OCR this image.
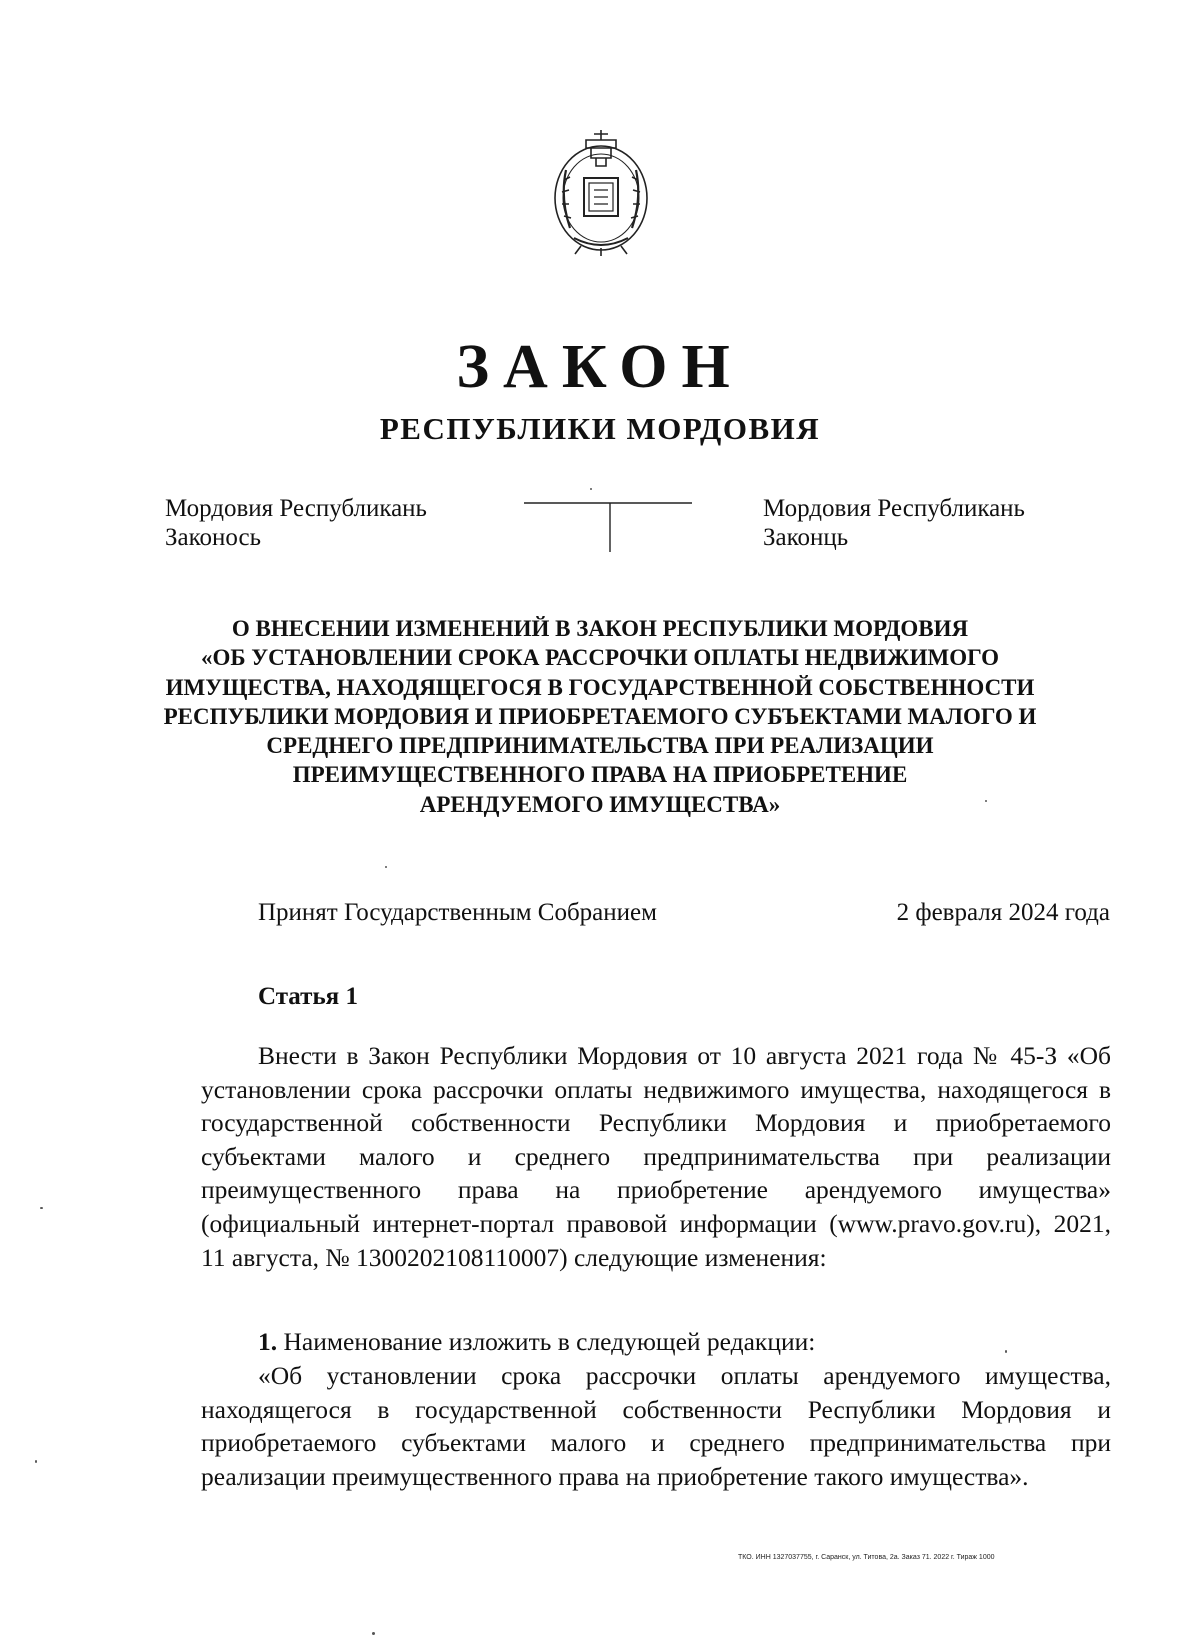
ЗАКОН
РЕСПУБЛИКИ МОРДОВИЯ
Мордовия Республикань
Законось
Мордовия Республикань
Законць
О ВНЕСЕНИИ ИЗМЕНЕНИЙ В ЗАКОН РЕСПУБЛИКИ МОРДОВИЯ
«ОБ УСТАНОВЛЕНИИ СРОКА РАССРОЧКИ ОПЛАТЫ НЕДВИЖИМОГО
ИМУЩЕСТВА, НАХОДЯЩЕГОСЯ В ГОСУДАРСТВЕННОЙ СОБСТВЕННОСТИ
РЕСПУБЛИКИ МОРДОВИЯ И ПРИОБРЕТАЕМОГО СУБЪЕКТАМИ МАЛОГО И
СРЕДНЕГО ПРЕДПРИНИМАТЕЛЬСТВА ПРИ РЕАЛИЗАЦИИ
ПРЕИМУЩЕСТВЕННОГО ПРАВА НА ПРИОБРЕТЕНИЕ
АРЕНДУЕМОГО ИМУЩЕСТВА»
Принят Государственным Собранием	2 февраля 2024 года
Статья 1

Внести в Закон Республики Мордовия от 10 августа 2021 года № 45-З «Об установлении срока рассрочки оплаты недвижимого имущества, находящегося в государственной собственности Республики Мордовия и приобретаемого субъектами малого и среднего предпринимательства при реализации преимущественного права на приобретение арендуемого имущества» (официальный интернет-портал правовой информации (www.pravo.gov.ru), 2021, 11 августа, № 1300202108110007) следующие изменения:

1. Наименование изложить в следующей редакции:

«Об установлении срока рассрочки оплаты арендуемого имущества, находящегося в государственной собственности Республики Мордовия и приобретаемого субъектами малого и среднего предпринимательства при реализации преимущественного права на приобретение такого имущества».

ТКО. ИНН 1327037755, г. Саранск, ул. Титова, 2а. Заказ 71. 2022 г. Тираж 1000
